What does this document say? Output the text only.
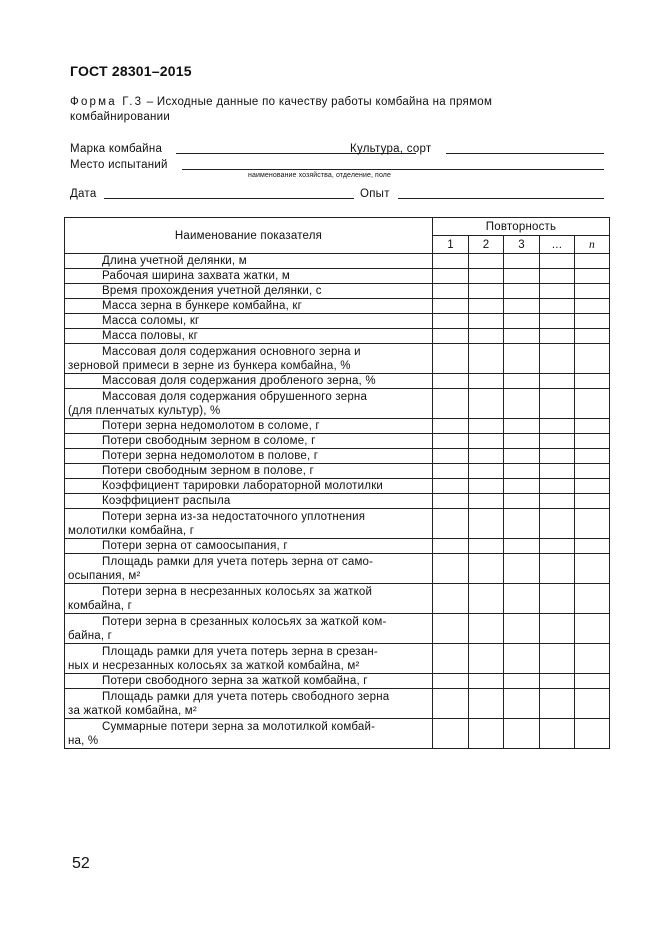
ГОСТ 28301–2015
Форма Г.3 – Исходные данные по качеству работы комбайна на прямом
комбайнировании
Марка комбайна	Культура, сорт
Место испытаний
наименование хозяйства, отделение, поле
Дата	Опыт
Наименование показателя	Повторность				
	1	2	3	...	n
Длина учетной делянки, м					
Рабочая ширина захвата жатки, м					
Время прохождения учетной делянки, с					
Масса зерна в бункере комбайна, кг					
Масса соломы, кг					
Масса половы, кг					
Массовая доля содержания основного зерна и
зерновой примеси в зерне из бункера комбайна, %					
Массовая доля содержания дробленого зерна, %					
Массовая доля содержания обрушенного зерна
(для пленчатых культур), %					
Потери зерна недомолотом в соломе, г					
Потери свободным зерном в соломе, г					
Потери зерна недомолотом в полове, г					
Потери свободным зерном в полове, г					
Коэффициент тарировки лабораторной молотилки					
Коэффициент распыла					
Потери зерна из-за недостаточного уплотнения
молотилки комбайна, г					
Потери зерна от самоосыпания, г					
Площадь рамки для учета потерь зерна от само-
осыпания, м²					
Потери зерна в несрезанных колосьях за жаткой
комбайна, г					
Потери зерна в срезанных колосьях за жаткой ком-
байна, г					
Площадь рамки для учета потерь зерна в срезан-
ных и несрезанных колосьях за жаткой комбайна, м²					
Потери свободного зерна за жаткой комбайна, г					
Площадь рамки для учета потерь свободного зерна
за жаткой комбайна, м²					
Суммарные потери зерна за молотилкой комбай-
на, %					
52
